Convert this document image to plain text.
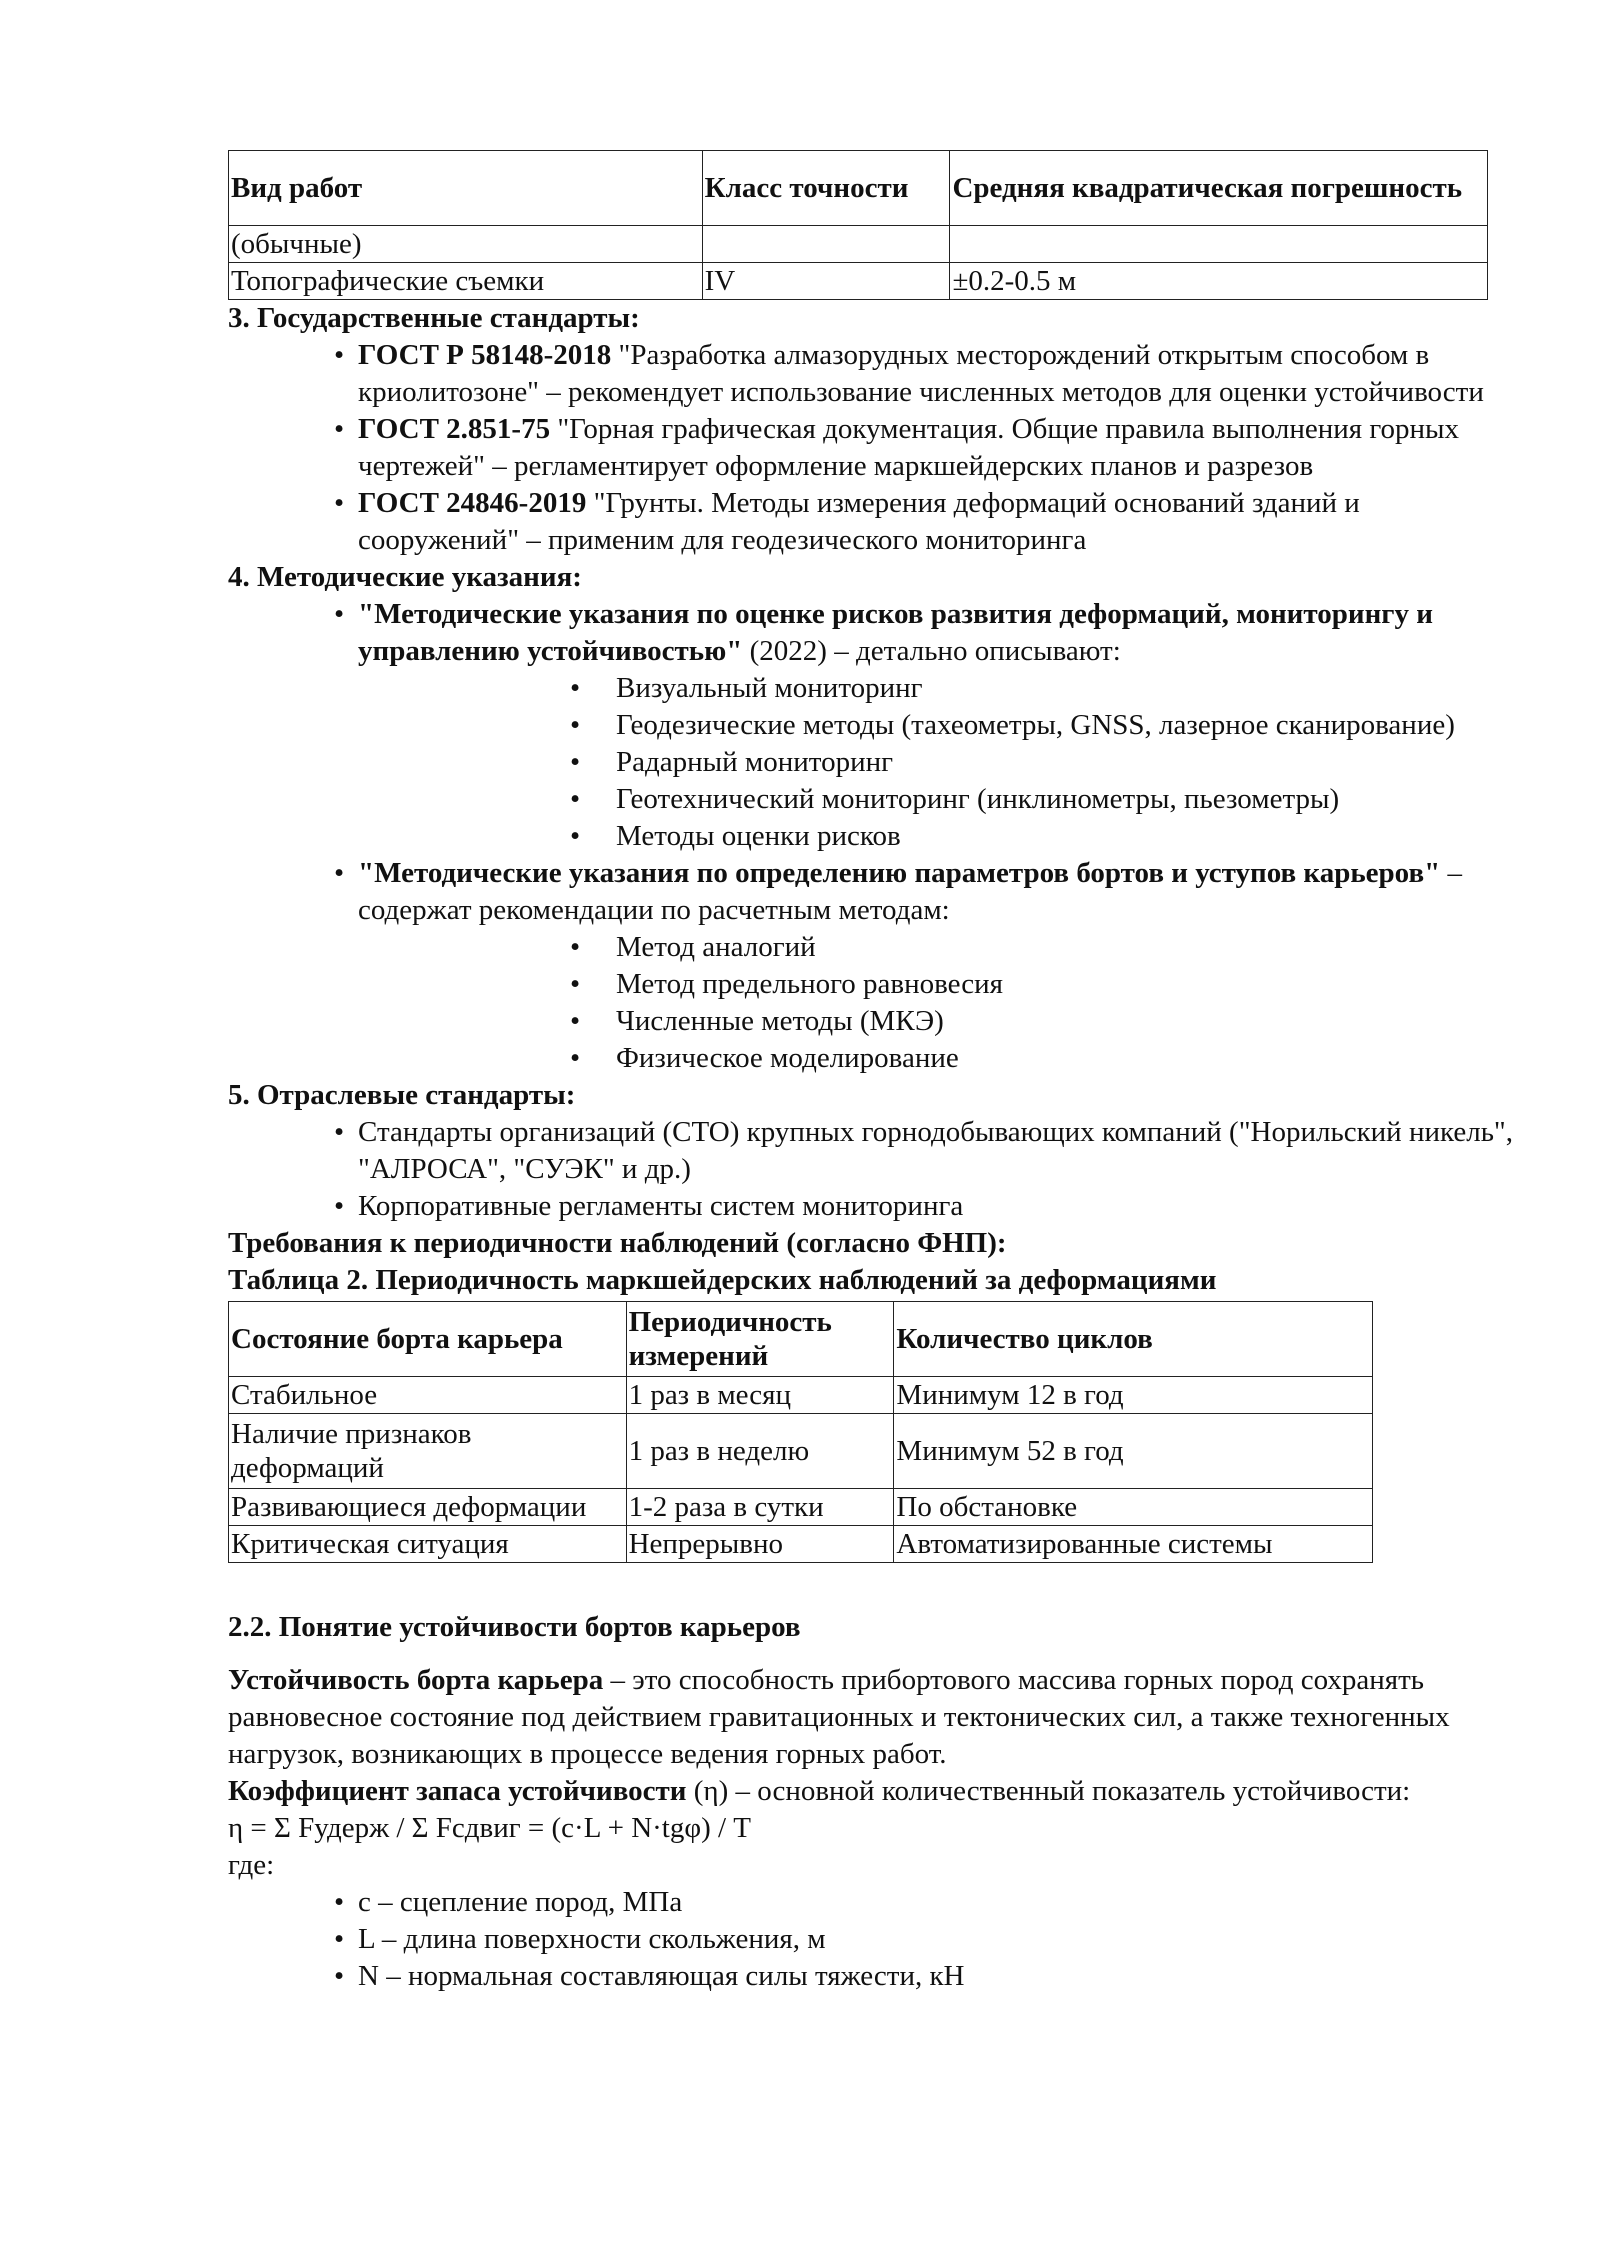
Вид работ	Класс точности	Средняя квадратическая погрешность
(обычные)		
Топографические съемки	IV	±0.2-0.5 м
3. Государственные стандарты:
• ГОСТ Р 58148-2018 "Разработка алмазорудных месторождений открытым способом в криолитозоне" – рекомендует использование численных методов для оценки устойчивости
• ГОСТ 2.851-75 "Горная графическая документация. Общие правила выполнения горных чертежей" – регламентирует оформление маркшейдерских планов и разрезов
• ГОСТ 24846-2019 "Грунты. Методы измерения деформаций оснований зданий и сооружений" – применим для геодезического мониторинга
4. Методические указания:
• "Методические указания по оценке рисков развития деформаций, мониторингу и управлению устойчивостью" (2022) – детально описывают:
• Визуальный мониторинг
• Геодезические методы (тахеометры, GNSS, лазерное сканирование)
• Радарный мониторинг
• Геотехнический мониторинг (инклинометры, пьезометры)
• Методы оценки рисков
• "Методические указания по определению параметров бортов и уступов карьеров" – содержат рекомендации по расчетным методам:
• Метод аналогий
• Метод предельного равновесия
• Численные методы (МКЭ)
• Физическое моделирование
5. Отраслевые стандарты:
• Стандарты организаций (СТО) крупных горнодобывающих компаний ("Норильский никель", "АЛРОСА", "СУЭК" и др.)
• Корпоративные регламенты систем мониторинга
Требования к периодичности наблюдений (согласно ФНП):
Таблица 2. Периодичность маркшейдерских наблюдений за деформациями
Состояние борта карьера	Периодичность измерений	Количество циклов
Стабильное	1 раз в месяц	Минимум 12 в год
Наличие признаков деформаций	1 раз в неделю	Минимум 52 в год
Развивающиеся деформации	1-2 раза в сутки	По обстановке
Критическая ситуация	Непрерывно	Автоматизированные системы
2.2. Понятие устойчивости бортов карьеров

Устойчивость борта карьера – это способность прибортового массива горных пород сохранять равновесное состояние под действием гравитационных и тектонических сил, а также техногенных нагрузок, возникающих в процессе ведения горных работ.

Коэффициент запаса устойчивости (η) – основной количественный показатель устойчивости:

η = Σ Fудерж / Σ Fсдвиг = (c·L + N·tgφ) / T
где:
• c – сцепление пород, МПа
• L – длина поверхности скольжения, м
• N – нормальная составляющая силы тяжести, кН
